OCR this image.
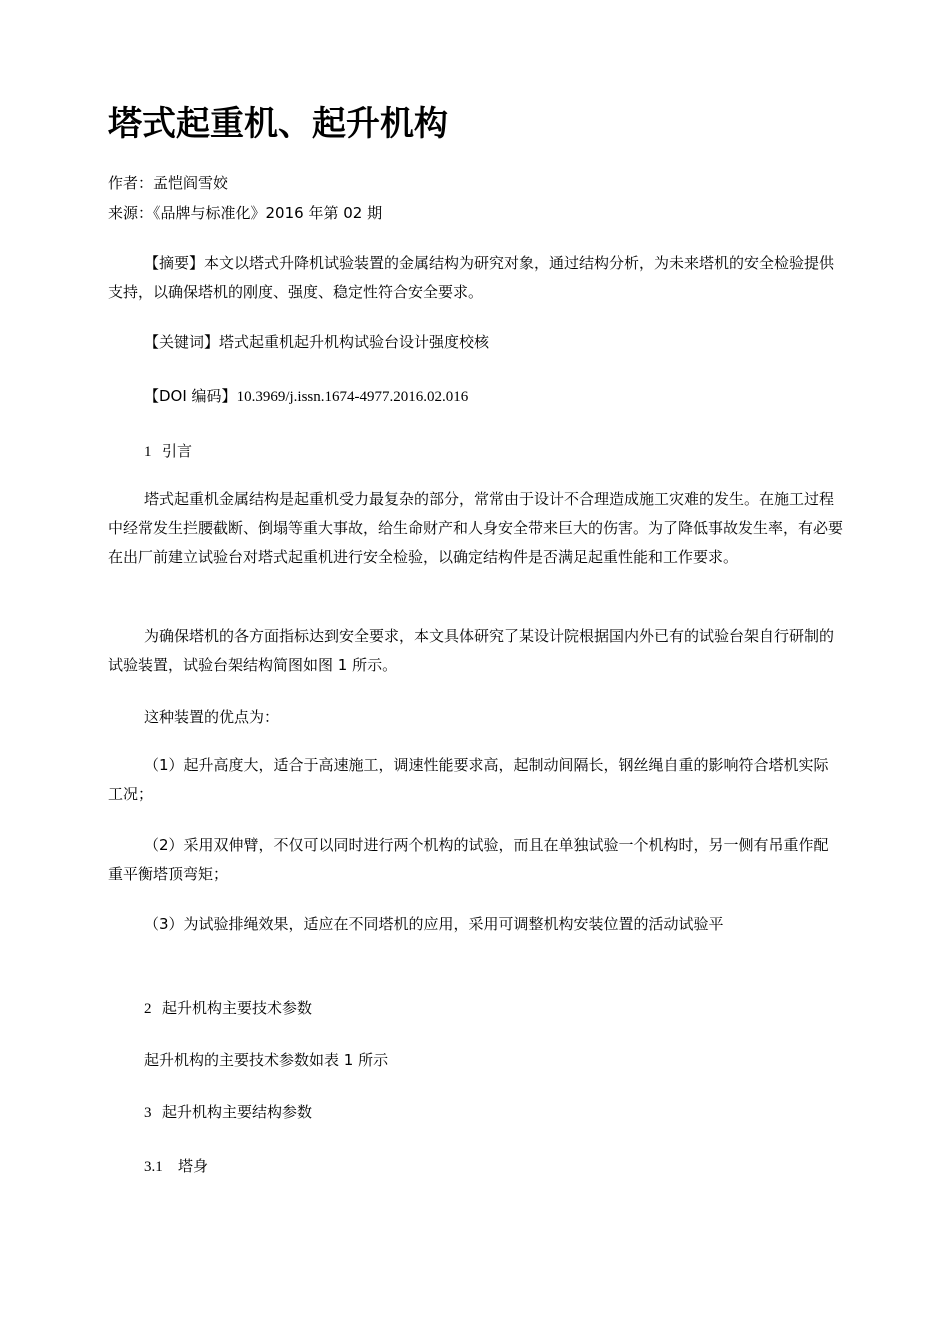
塔式起重机、起升机构
作者：孟恺阎雪姣
来源：《品牌与标准化》2016 年第 02 期

【摘要】本文以塔式升降机试验装置的金属结构为研究对象，通过结构分析，为未来塔机的安全检验提供支持，以确保塔机的刚度、强度、稳定性符合安全要求。

【关键词】塔式起重机起升机构试验台设计强度校核

【DOI 编码】10.3969/j.issn.1674-4977.2016.02.016

1 引言

塔式起重机金属结构是起重机受力最复杂的部分，常常由于设计不合理造成施工灾难的发生。在施工过程中经常发生拦腰截断、倒塌等重大事故，给生命财产和人身安全带来巨大的伤害。为了降低事故发生率，有必要在出厂前建立试验台对塔式起重机进行安全检验，以确定结构件是否满足起重性能和工作要求。

为确保塔机的各方面指标达到安全要求，本文具体研究了某设计院根据国内外已有的试验台架自行研制的试验装置，试验台架结构简图如图 1 所示。

这种装置的优点为：

（1）起升高度大，适合于高速施工，调速性能要求高，起制动间隔长，钢丝绳自重的影响符合塔机实际工况；

（2）采用双伸臂，不仅可以同时进行两个机构的试验，而且在单独试验一个机构时，另一侧有吊重作配重平衡塔顶弯矩；

（3）为试验排绳效果，适应在不同塔机的应用，采用可调整机构安装位置的活动试验平

2 起升机构主要技术参数
起升机构的主要技术参数如表 1 所示
3 起升机构主要结构参数
3.1 塔身
